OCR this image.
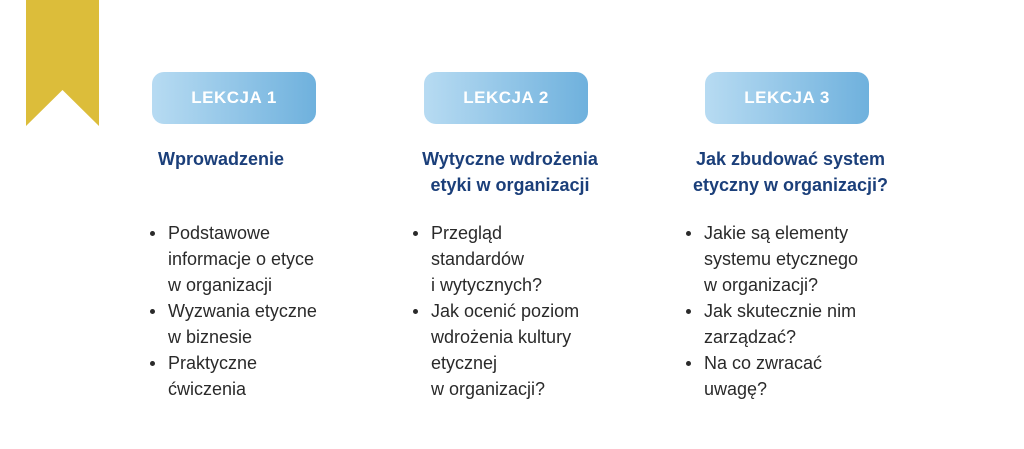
LEKCJA 1
Wprowadzenie
Podstawowe
informacje o etyce
w organizacji
Wyzwania etyczne
w biznesie
Praktyczne
ćwiczenia
LEKCJA 2
Wytyczne wdrożenia
etyki w organizacji
Przegląd
standardów
i wytycznych?
Jak ocenić poziom
wdrożenia kultury
etycznej
w organizacji?
LEKCJA 3
Jak zbudować system
etyczny w organizacji?
Jakie są elementy
systemu etycznego
w organizacji?
Jak skutecznie nim
zarządzać?
Na co zwracać
uwagę?
